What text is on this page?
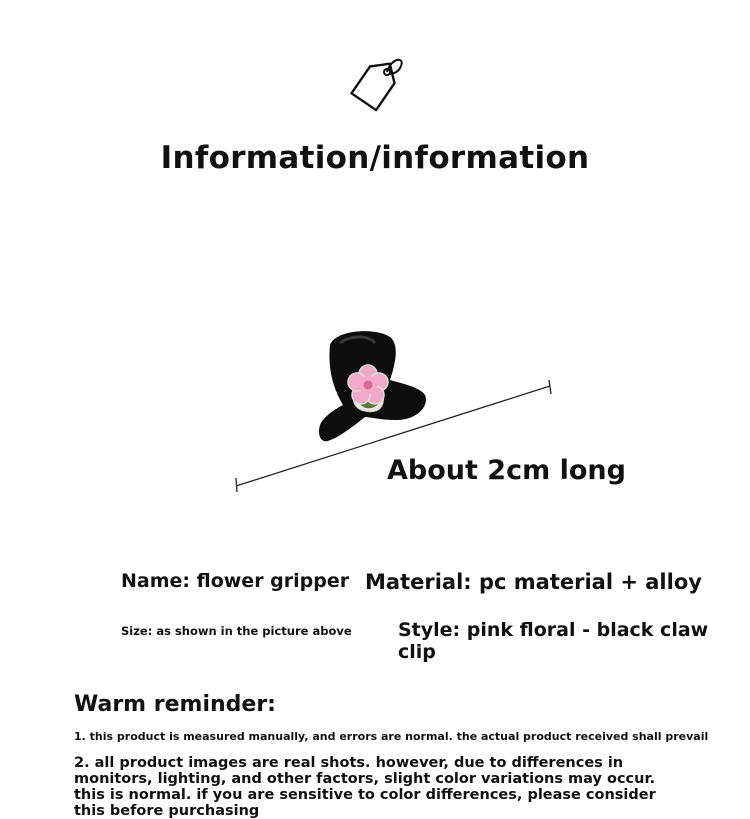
Information/information
About 2cm long
Name: flower gripper Material: pc material + alloy
Size: as shown in the picture above Style: pink floral - black claw clip
Warm reminder:
1. this product is measured manually, and errors are normal. the actual product received shall prevail
2. all product images are real shots. however, due to differences in monitors, lighting, and other factors, slight color variations may occur. this is normal. if you are sensitive to color differences, please consider this before purchasing
